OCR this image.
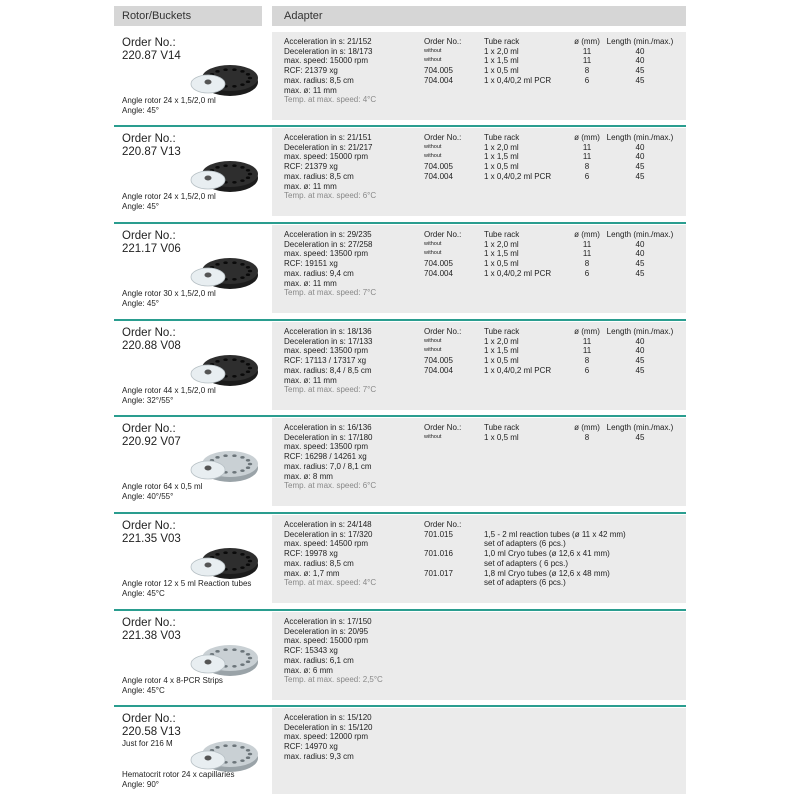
Rotor/Buckets	Adapter
Order No.:
220.87 V14
Angle rotor 24 x 1,5/2,0 ml
Angle: 45°
Acceleration in s: 21/152
Deceleration in s: 18/173
max. speed: 15000 rpm
RCF: 21379 xg
max. radius: 8,5 cm
max. ø: 11 mm
Temp. at max. speed: 4°C
Order No.:
without
without
704.005
704.004
Tube rack
1 x 2,0 ml
1 x 1,5 ml
1 x 0,5 ml
1 x 0,4/0,2 ml PCR
ø (mm)
11
11
8
6
Length (min./max.)
40
40
45
45
Order No.:
220.87 V13
Angle rotor 24 x 1,5/2,0 ml
Angle: 45°
Acceleration in s: 21/151
Deceleration in s: 21/217
max. speed: 15000 rpm
RCF: 21379 xg
max. radius: 8,5 cm
max. ø: 11 mm
Temp. at max. speed: 6°C
Order No.:
without
without
704.005
704.004
Tube rack
1 x 2,0 ml
1 x 1,5 ml
1 x 0,5 ml
1 x 0,4/0,2 ml PCR
ø (mm)
11
11
8
6
Length (min./max.)
40
40
45
45
Order No.:
221.17 V06
Angle rotor 30 x 1,5/2,0 ml
Angle: 45°
Acceleration in s: 29/235
Deceleration in s: 27/258
max. speed: 13500 rpm
RCF: 19151 xg
max. radius: 9,4 cm
max. ø: 11 mm
Temp. at max. speed: 7°C
Order No.:
without
without
704.005
704.004
Tube rack
1 x 2,0 ml
1 x 1,5 ml
1 x 0,5 ml
1 x 0,4/0,2 ml PCR
ø (mm)
11
11
8
6
Length (min./max.)
40
40
45
45
Order No.:
220.88 V08
Angle rotor 44 x 1,5/2,0 ml
Angle: 32°/55°
Acceleration in s: 18/136
Deceleration in s: 17/133
max. speed: 13500 rpm
RCF: 17113 / 17317 xg
max. radius: 8,4 / 8,5 cm
max. ø: 11 mm
Temp. at max. speed: 7°C
Order No.:
without
without
704.005
704.004
Tube rack
1 x 2,0 ml
1 x 1,5 ml
1 x 0,5 ml
1 x 0,4/0,2 ml PCR
ø (mm)
11
11
8
6
Length (min./max.)
40
40
45
45
Order No.:
220.92 V07
Angle rotor 64 x 0,5 ml
Angle: 40°/55°
Acceleration in s: 16/136
Deceleration in s: 17/180
max. speed: 13500 rpm
RCF: 16298 / 14261 xg
max. radius: 7,0 / 8,1 cm
max. ø: 8 mm
Temp. at max. speed: 6°C
Order No.:
without
Tube rack
1 x 0,5 ml
ø (mm)
8
Length (min./max.)
45
Order No.:
221.35 V03
Angle rotor 12 x 5 ml Reaction tubes
Angle: 45°C
Acceleration in s: 24/148
Deceleration in s: 17/320
max. speed: 14500 rpm
RCF: 19978 xg
max. radius: 8,5 cm
max. ø: 1,7 mm
Temp. at max. speed: 4°C
Order No.:
701.015

701.016

701.017

1,5 - 2 ml reaction tubes (ø 11 x 42 mm)
set of adapters (6 pcs.)
1,0 ml Cryo tubes (ø 12,6 x 41 mm)
set of adapters ( 6 pcs.)
1,8 ml Cryo tubes (ø 12,6 x 48 mm)
set of adapters (6 pcs.)
Order No.:
221.38 V03
Angle rotor 4 x 8-PCR Strips
Angle: 45°C
Acceleration in s: 17/150
Deceleration in s: 20/95
max. speed: 15000 rpm
RCF: 15343 xg
max. radius: 6,1 cm
max. ø: 6 mm
Temp. at max. speed: 2,5°C
Order No.:
220.58 V13
Just for 216 M
Hematocrit rotor 24 x capillaries
Angle: 90°
Acceleration in s: 15/120
Deceleration in s: 15/120
max. speed: 12000 rpm
RCF: 14970 xg
max. radius: 9,3 cm
